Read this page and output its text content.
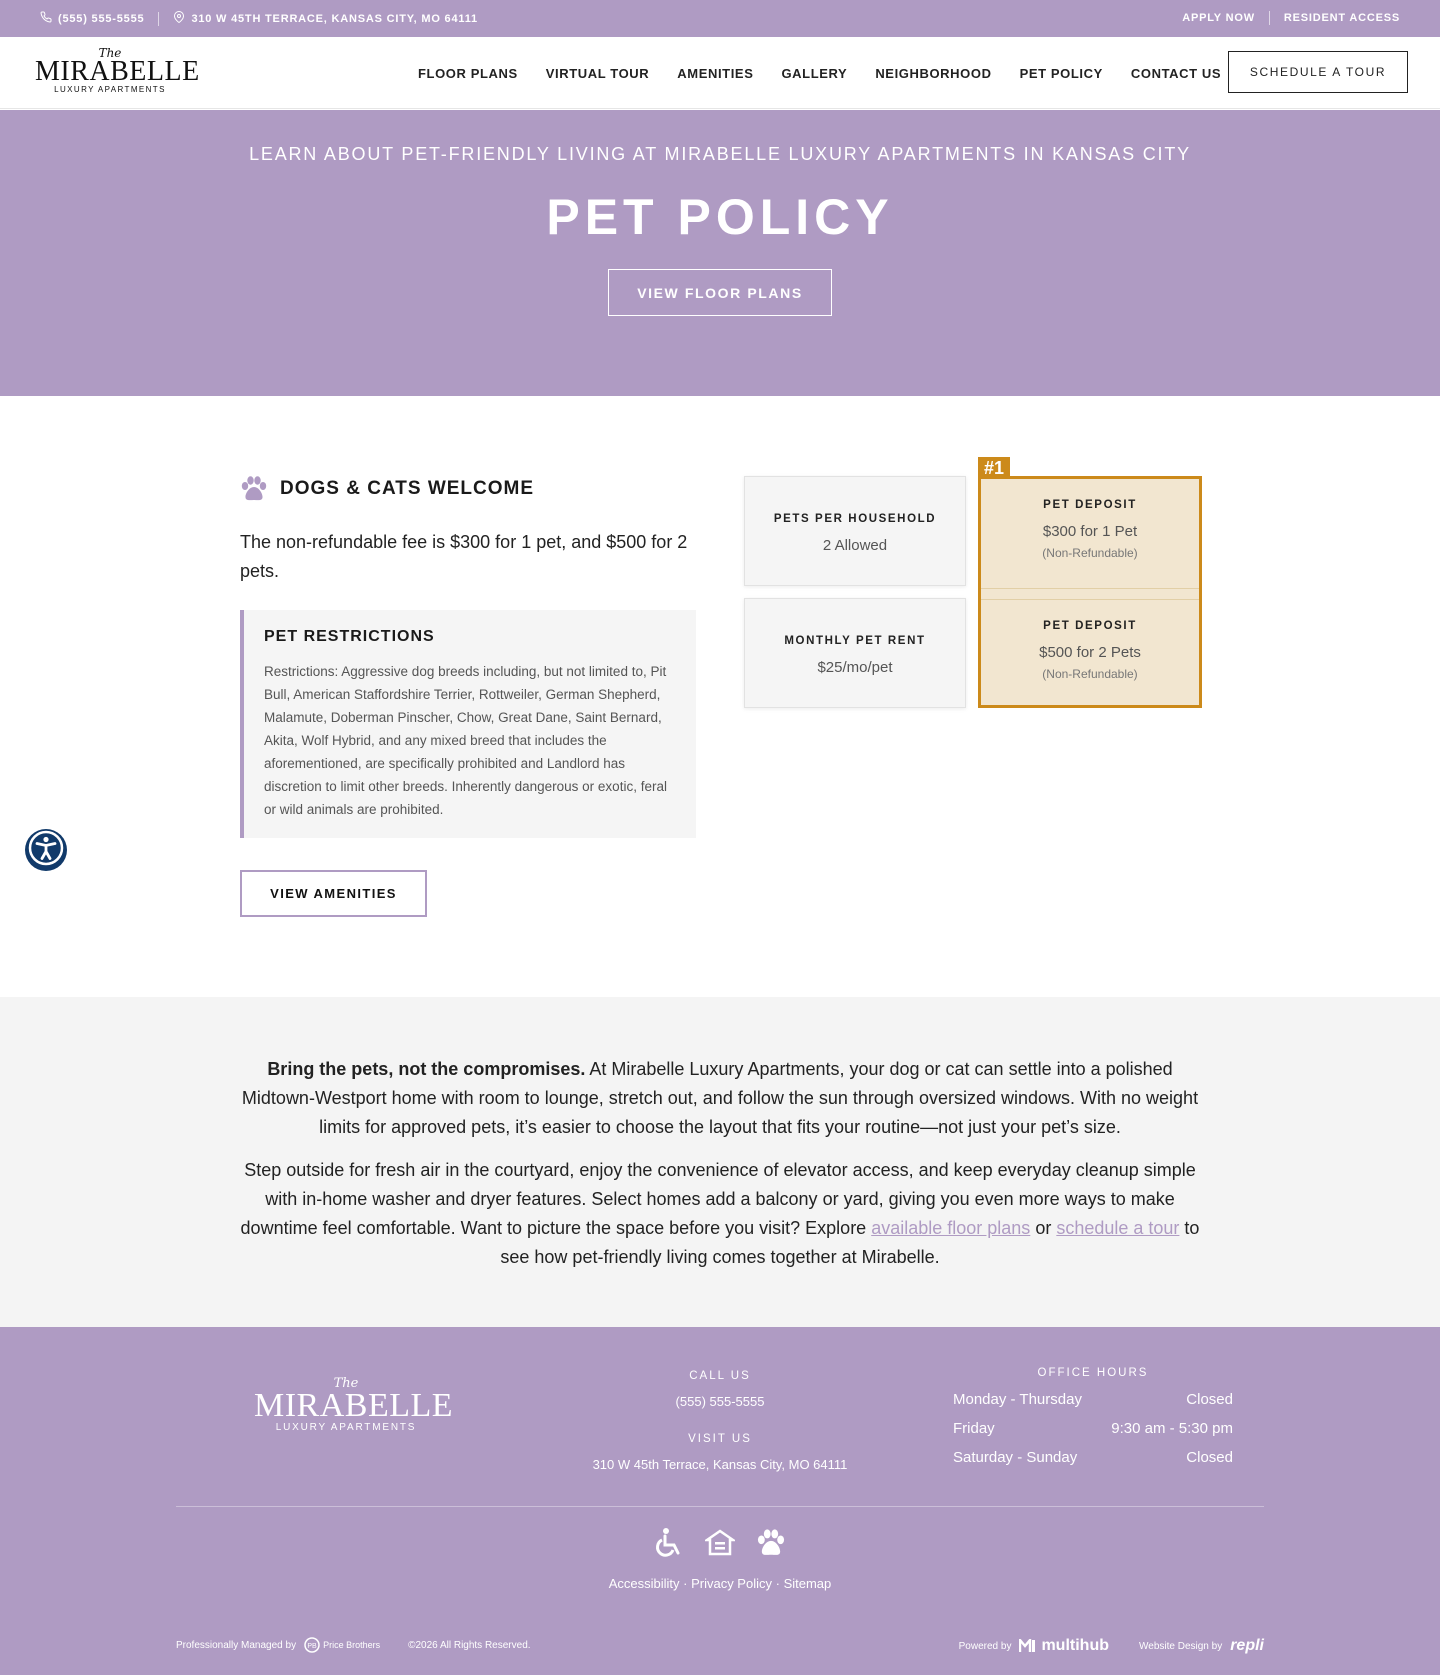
(555) 555-5555	310 W 45TH TERRACE, KANSAS CITY, MO 64111	APPLY NOW	RESIDENT ACCESS
The
MIRABELLE
LUXURY APARTMENTS
FLOOR PLANS VIRTUAL TOUR AMENITIES GALLERY NEIGHBORHOOD PET POLICY CONTACT US	SCHEDULE A TOUR
LEARN ABOUT PET-FRIENDLY LIVING AT MIRABELLE LUXURY APARTMENTS IN KANSAS CITY
PET POLICY
VIEW FLOOR PLANS
DOGS & CATS WELCOME

The non-refundable fee is $300 for 1 pet, and $500 for 2 pets.

PET RESTRICTIONS

Restrictions: Aggressive dog breeds including, but not limited to, Pit Bull, American Staffordshire Terrier, Rottweiler, German Shepherd, Malamute, Doberman Pinscher, Chow, Great Dane, Saint Bernard, Akita, Wolf Hybrid, and any mixed breed that includes the aforementioned, are specifically prohibited and Landlord has discretion to limit other breeds. Inherently dangerous or exotic, feral or wild animals are prohibited.

VIEW AMENITIES
PETS PER HOUSEHOLD
2 Allowed
MONTHLY PET RENT
$25/mo/pet
#1
PET DEPOSIT
$300 for 1 Pet
(Non-Refundable)
PET DEPOSIT
$500 for 2 Pets
(Non-Refundable)

Bring the pets, not the compromises. At Mirabelle Luxury Apartments, your dog or cat can settle into a polished Midtown-Westport home with room to lounge, stretch out, and follow the sun through oversized windows. With no weight limits for approved pets, it’s easier to choose the layout that fits your routine—not just your pet’s size.

Step outside for fresh air in the courtyard, enjoy the convenience of elevator access, and keep everyday cleanup simple with in-home washer and dryer features. Select homes add a balcony or yard, giving you even more ways to make downtime feel comfortable. Want to picture the space before you visit? Explore available floor plans or schedule a tour to see how pet-friendly living comes together at Mirabelle.

The
MIRABELLE
LUXURY APARTMENTS
CALL US
(555) 555-5555
VISIT US
310 W 45th Terrace, Kansas City, MO 64111
OFFICE HOURS
Monday - Thursday	Closed
Friday	9:30 am - 5:30 pm
Saturday - Sunday	Closed
Accessibility · Privacy Policy · Sitemap
Professionally Managed by PB Price Brothers	©2026 All Rights Reserved.	Powered by multihub	Website Design by repli
